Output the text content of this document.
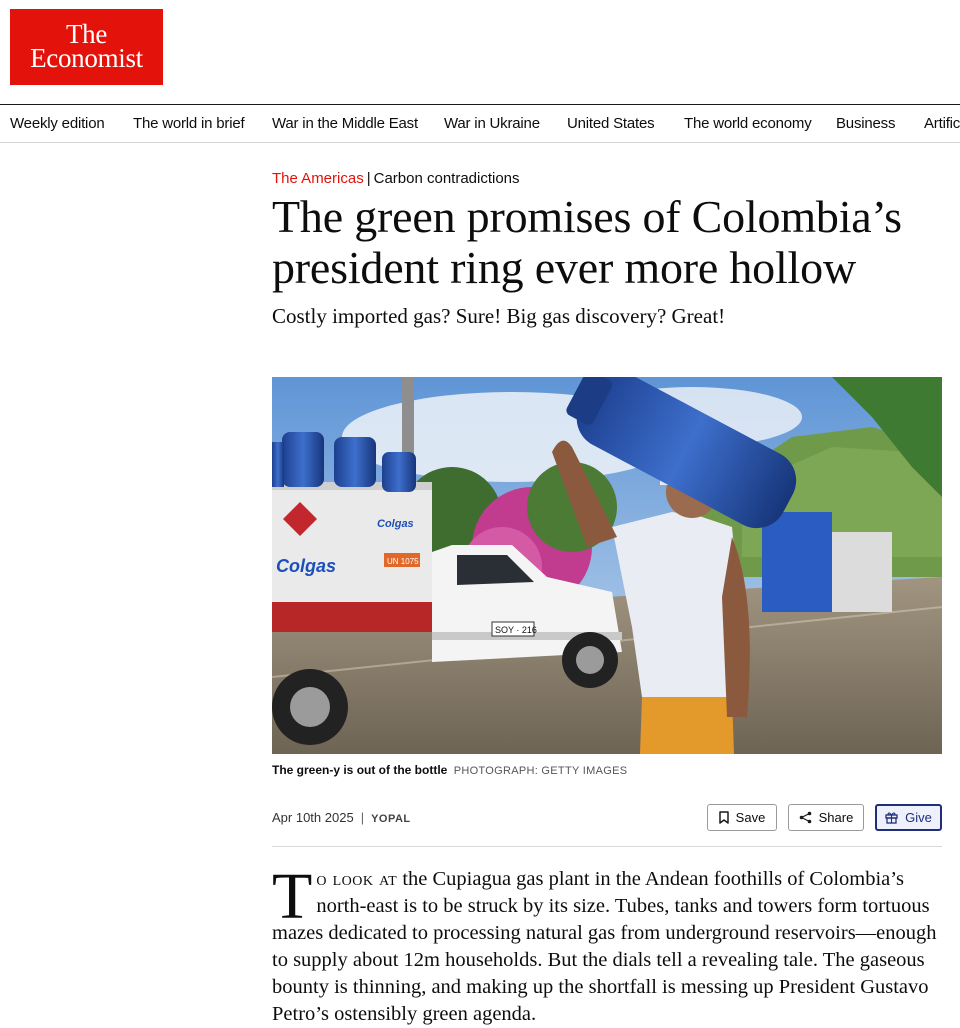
The
Economist
Weekly edition The world in brief War in the Middle East War in Ukraine United States The world economy Business Artific
The Americas | Carbon contradictions
The green promises of Colombia’s
president ring ever more hollow
Costly imported gas? Sure! Big gas discovery? Great!
Colgas
Colgas	UN 1075
SOY · 216
The green-y is out of the bottle PHOTOGRAPH: GETTY IMAGES
Apr 10th 2025 | YOPAL	Save	Share	Give

To look at the Cupiagua gas plant in the Andean foothills of Colombia’s north-east is to be struck by its size. Tubes, tanks and towers form tortuous mazes dedicated to processing natural gas from underground reservoirs—enough to supply about 12m households. But the dials tell a revealing tale. The gaseous bounty is thinning, and making up the shortfall is messing up President Gustavo Petro’s ostensibly green agenda.
